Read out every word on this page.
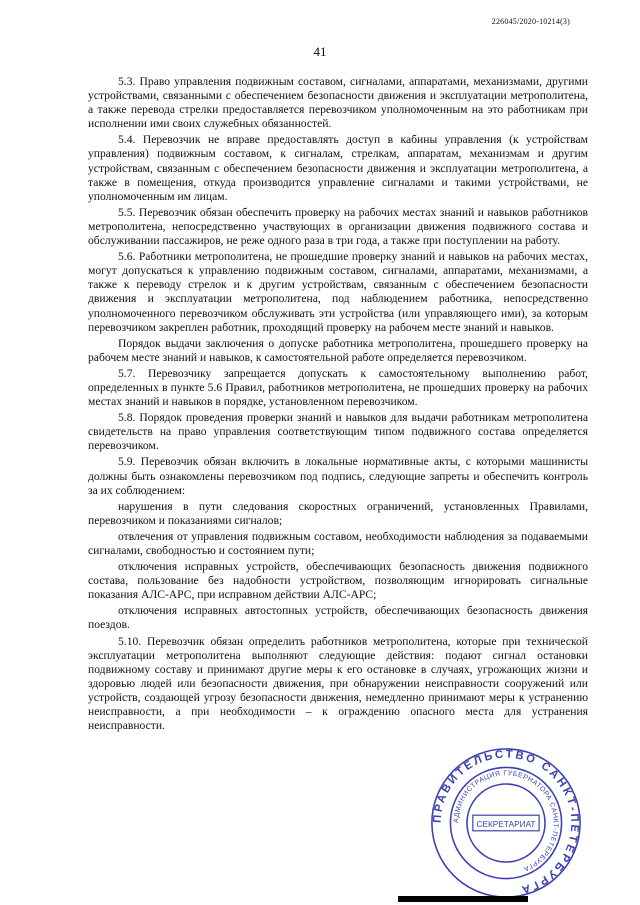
226045/2020-10214(3)
41

5.3. Право управления подвижным составом, сигналами, аппаратами, механизмами, другими устройствами, связанными с обеспечением безопасности движения и эксплуатации метрополитена, а также перевода стрелки предоставляется перевозчиком уполномоченным на это работникам при исполнении ими своих служебных обязанностей.

5.4. Перевозчик не вправе предоставлять доступ в кабины управления (к устройствам управления) подвижным составом, к сигналам, стрелкам, аппаратам, механизмам и другим устройствам, связанным с обеспечением безопасности движения и эксплуатации метрополитена, а также в помещения, откуда производится управление сигналами и такими устройствами, не уполномоченным им лицам.

5.5. Перевозчик обязан обеспечить проверку на рабочих местах знаний и навыков работников метрополитена, непосредственно участвующих в организации движения подвижного состава и обслуживании пассажиров, не реже одного раза в три года, а также при поступлении на работу.

5.6. Работники метрополитена, не прошедшие проверку знаний и навыков на рабочих местах, могут допускаться к управлению подвижным составом, сигналами, аппаратами, механизмами, а также к переводу стрелок и к другим устройствам, связанным с обеспечением безопасности движения и эксплуатации метрополитена, под наблюдением работника, непосредственно уполномоченного перевозчиком обслуживать эти устройства (или управляющего ими), за которым перевозчиком закреплен работник, проходящий проверку на рабочем месте знаний и навыков.

Порядок выдачи заключения о допуске работника метрополитена, прошедшего проверку на рабочем месте знаний и навыков, к самостоятельной работе определяется перевозчиком.

5.7. Перевозчику запрещается допускать к самостоятельному выполнению работ, определенных в пункте 5.6 Правил, работников метрополитена, не прошедших проверку на рабочих местах знаний и навыков в порядке, установленном перевозчиком.

5.8. Порядок проведения проверки знаний и навыков для выдачи работникам метрополитена свидетельств на право управления соответствующим типом подвижного состава определяется перевозчиком.

5.9. Перевозчик обязан включить в локальные нормативные акты, с которыми машинисты должны быть ознакомлены перевозчиком под подпись, следующие запреты и обеспечить контроль за их соблюдением:

нарушения в пути следования скоростных ограничений, установленных Правилами, перевозчиком и показаниями сигналов;

отвлечения от управления подвижным составом, необходимости наблюдения за подаваемыми сигналами, свободностью и состоянием пути;

отключения исправных устройств, обеспечивающих безопасность движения подвижного состава, пользование без надобности устройством, позволяющим игнорировать сигнальные показания АЛС-АРС, при исправном действии АЛС-АРС;

отключения исправных автостопных устройств, обеспечивающих безопасность движения поездов.

5.10. Перевозчик обязан определить работников метрополитена, которые при технической эксплуатации метрополитена выполняют следующие действия: подают сигнал остановки подвижному составу и принимают другие меры к его остановке в случаях, угрожающих жизни и здоровью людей или безопасности движения, при обнаружении неисправности сооружений или устройств, создающей угрозу безопасности движения, немедленно принимают меры к устранению неисправности, а при необходимости – к ограждению опасного места для устранения неисправности.

ПРАВИТЕЛЬСТВО САНКТ-ПЕТЕРБУРГА
АДМИНИСТРАЦИЯ ГУБЕРНАТОРА САНКТ-ПЕТЕРБУРГА
СЕКРЕТАРИАТ
